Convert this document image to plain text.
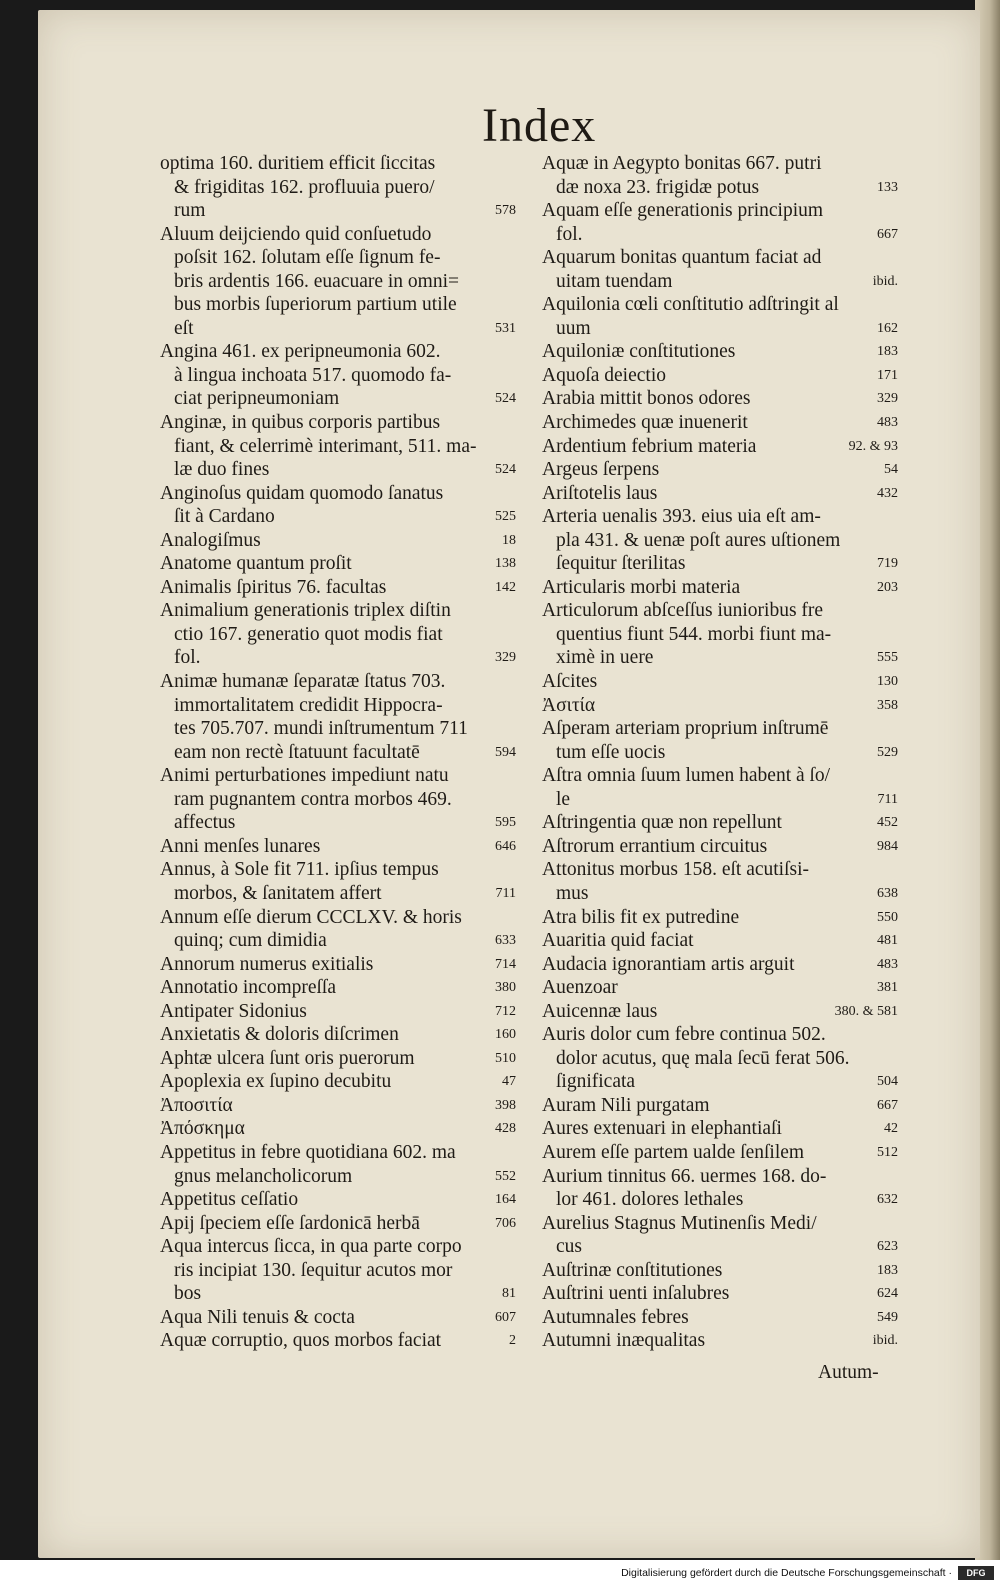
Index
optima 160. duritiem efficit ſiccitas
& frigiditas 162. profluuia puero/
rum	578
Aluum deijciendo quid conſuetudo
poſsit 162. ſolutam eſſe ſignum fe-
bris ardentis 166. euacuare in omni=
bus morbis ſuperiorum partium utile
eſt	531
Angina 461. ex peripneumonia 602.
à lingua inchoata 517. quomodo fa-
ciat peripneumoniam	524
Anginæ, in quibus corporis partibus
fiant, & celerrimè interimant, 511. ma-
læ duo fines	524
Anginoſus quidam quomodo ſanatus
ſit à Cardano	525
Analogiſmus	18
Anatome quantum proſit	138
Animalis ſpiritus 76. facultas	142
Animalium generationis triplex diſtin
ctio 167. generatio quot modis fiat
fol.	329
Animæ humanæ ſeparatæ ſtatus 703.
immortalitatem credidit Hippocra-
tes 705.707. mundi inſtrumentum 711
eam non rectè ſtatuunt facultatē	594
Animi perturbationes impediunt natu
ram pugnantem contra morbos 469.
affectus	595
Anni menſes lunares	646
Annus, à Sole fit 711. ipſius tempus
morbos, & ſanitatem affert	711
Annum eſſe dierum CCCLXV. & horis
quinq; cum dimidia	633
Annorum numerus exitialis	714
Annotatio incompreſſa	380
Antipater Sidonius	712
Anxietatis & doloris diſcrimen	160
Aphtæ ulcera ſunt oris puerorum	510
Apoplexia ex ſupino decubitu	47
Ἀποσιτία	398
Ἀπόσκημα	428
Appetitus in febre quotidiana 602. ma
gnus melancholicorum	552
Appetitus ceſſatio	164
Apij ſpeciem eſſe ſardonicā herbā	706
Aqua intercus ſicca, in qua parte corpo
ris incipiat 130. ſequitur acutos mor
bos	81
Aqua Nili tenuis & cocta	607
Aquæ corruptio, quos morbos faciat	2
Aquæ in Aegypto bonitas 667. putri
dæ noxa 23. frigidæ potus	133
Aquam eſſe generationis principium
fol.	667
Aquarum bonitas quantum faciat ad
uitam tuendam	ibid.
Aquilonia cœli conſtitutio adſtringit al
uum	162
Aquiloniæ conſtitutiones	183
Aquoſa deiectio	171
Arabia mittit bonos odores	329
Archimedes quæ inuenerit	483
Ardentium febrium materia	92. & 93
Argeus ſerpens	54
Ariſtotelis laus	432
Arteria uenalis 393. eius uia eſt am-
pla 431. & uenæ poſt aures uſtionem
ſequitur ſterilitas	719
Articularis morbi materia	203
Articulorum abſceſſus iunioribus fre
quentius fiunt 544. morbi fiunt ma-
ximè in uere	555
Aſcites	130
Ἀσιτία	358
Aſperam arteriam proprium inſtrumē
tum eſſe uocis	529
Aſtra omnia ſuum lumen habent à ſo/
le	711
Aſtringentia quæ non repellunt	452
Aſtrorum errantium circuitus	984
Attonitus morbus 158. eſt acutiſsi-
mus	638
Atra bilis fit ex putredine	550
Auaritia quid faciat	481
Audacia ignorantiam artis arguit	483
Auenzoar	381
Auicennæ laus	380. & 581
Auris dolor cum febre continua 502.
dolor acutus, quę mala ſecū ferat 506.
ſignificata	504
Auram Nili purgatam	667
Aures extenuari in elephantiaſi	42
Aurem eſſe partem ualde ſenſilem	512
Aurium tinnitus 66. uermes 168. do-
lor 461. dolores lethales	632
Aurelius Stagnus Mutinenſis Medi/
cus	623
Auſtrinæ conſtitutiones	183
Auſtrini uenti inſalubres	624
Autumnales febres	549
Autumni inæqualitas	ibid.
Autum-
Digitalisierung gefördert durch die Deutsche Forschungsgemeinschaft ·	DFG
